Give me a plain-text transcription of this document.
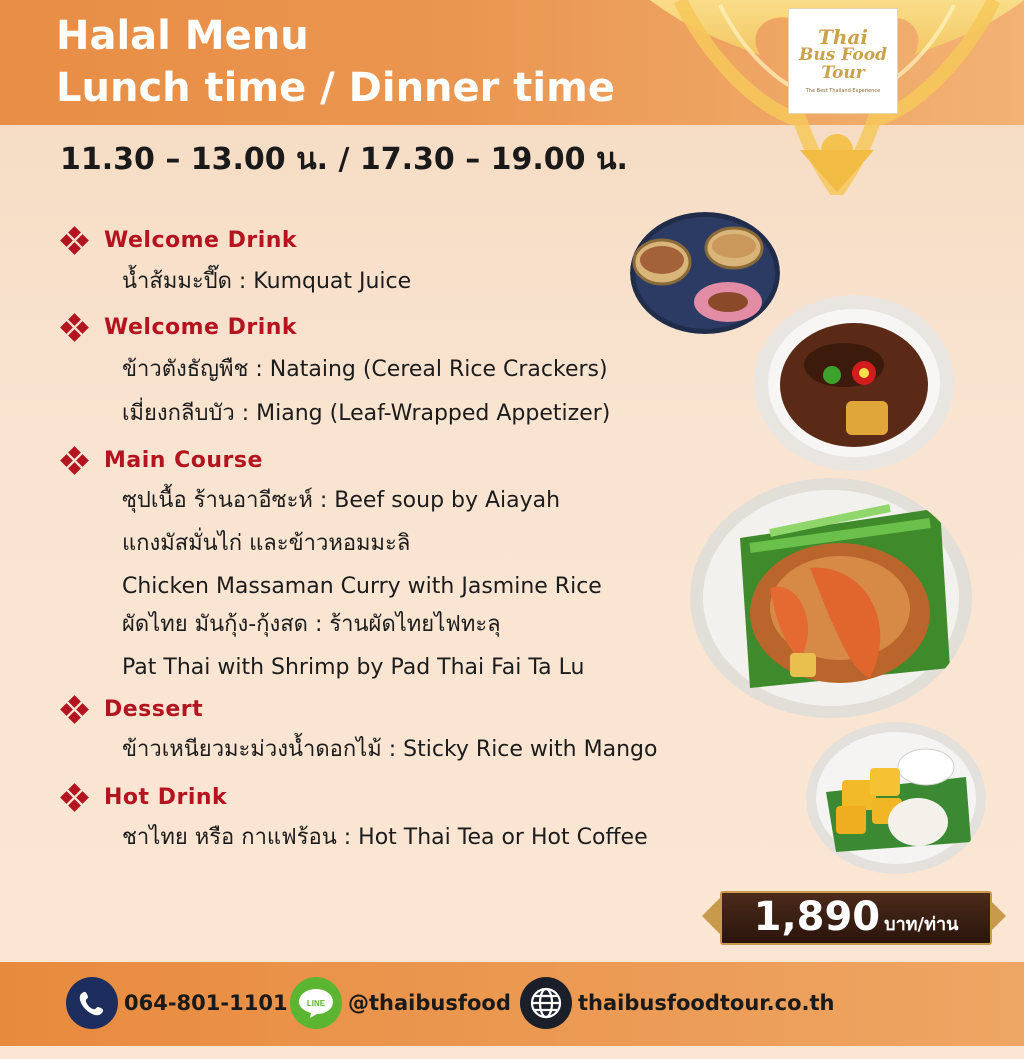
Halal Menu
Lunch time / Dinner time
Thai
Bus Food
Tour
The Best Thailand Experience

11.30 – 13.00 น. / 17.30 – 19.00 น.

Welcome Drink
น้ำส้มมะปี๊ด : Kumquat Juice
Welcome Drink
ข้าวตังธัญพืช : Nataing (Cereal Rice Crackers)
เมี่ยงกลีบบัว : Miang (Leaf-Wrapped Appetizer)
Main Course
ซุปเนื้อ ร้านอาอีซะห์ : Beef soup by Aiayah
แกงมัสมั่นไก่ และข้าวหอมมะลิ
Chicken Massaman Curry with Jasmine Rice
ผัดไทย มันกุ้ง-กุ้งสด : ร้านผัดไทยไฟทะลุ
Pat Thai with Shrimp by Pad Thai Fai Ta Lu
Dessert
ข้าวเหนียวมะม่วงน้ำดอกไม้ : Sticky Rice with Mango
Hot Drink
ชาไทย หรือ กาแฟร้อน : Hot Thai Tea or Hot Coffee
1,890 บาท/ท่าน
064-801-1101 LINE @thaibusfood	thaibusfoodtour.co.th
